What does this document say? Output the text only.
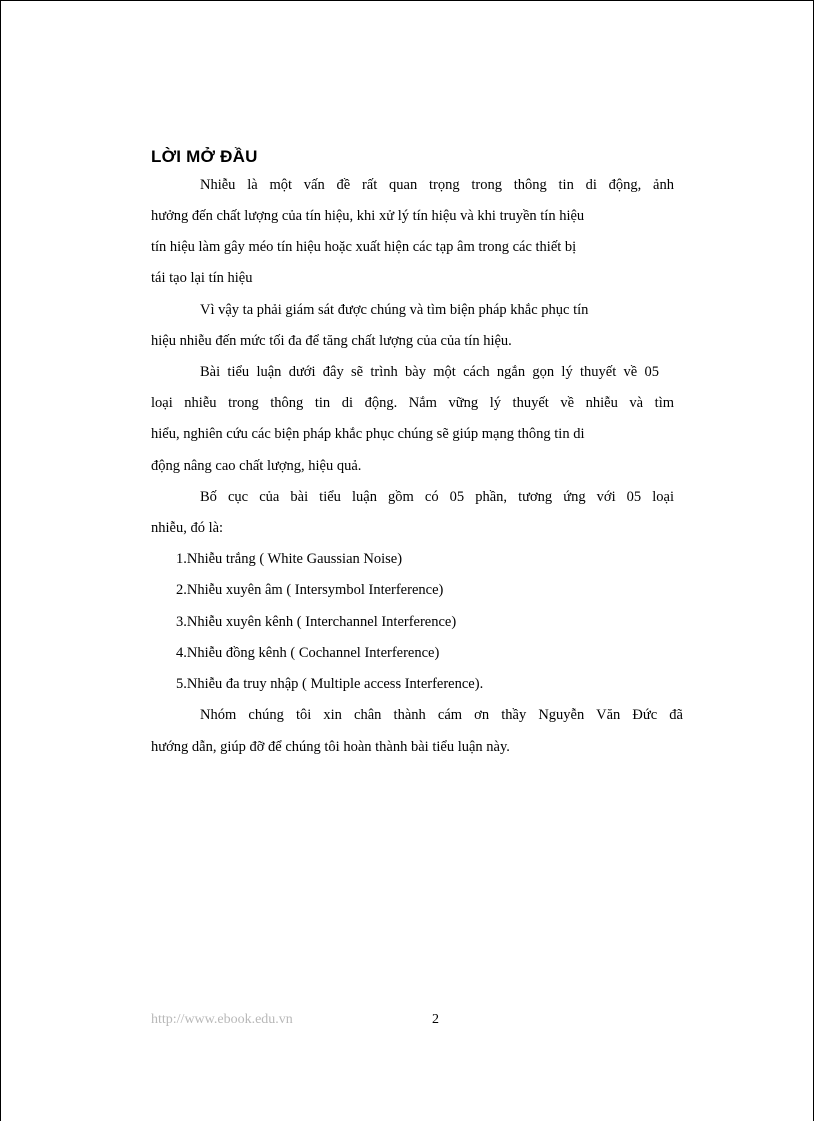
LỜI MỞ ĐẦU
Nhiễu là một vấn đề rất quan trọng trong thông tin di động, ảnh
hưởng đến chất lượng của tín hiệu, khi xử lý tín hiệu và khi truyền tín hiệu
tín hiệu làm gây méo tín hiệu hoặc xuất hiện các tạp âm trong các thiết bị
tái tạo lại tín hiệu
Vì vậy ta phải giám sát được chúng và tìm biện pháp khắc phục tín
hiệu nhiễu đến mức tối đa để tăng chất lượng của của tín hiệu.
Bài tiểu luận dưới đây sẽ trình bày một cách ngắn gọn lý thuyết về 05
loại nhiễu trong thông tin di động. Nắm vững lý thuyết về nhiễu và tìm
hiểu, nghiên cứu các biện pháp khắc phục chúng sẽ giúp mạng thông tin di
động nâng cao chất lượng, hiệu quả.
Bố cục của bài tiểu luận gồm có 05 phần, tương ứng với 05 loại
nhiễu, đó là:
1.Nhiễu trắng ( White Gaussian Noise)
2.Nhiễu xuyên âm ( Intersymbol Interference)
3.Nhiễu xuyên kênh ( Interchannel Interference)
4.Nhiễu đồng kênh ( Cochannel Interference)
5.Nhiễu đa truy nhập ( Multiple access Interference).
Nhóm chúng tôi xin chân thành cám ơn thầy Nguyễn Văn Đức đã
hướng dẫn, giúp đỡ để chúng tôi hoàn thành bài tiểu luận này.
http://www.ebook.edu.vn	2
